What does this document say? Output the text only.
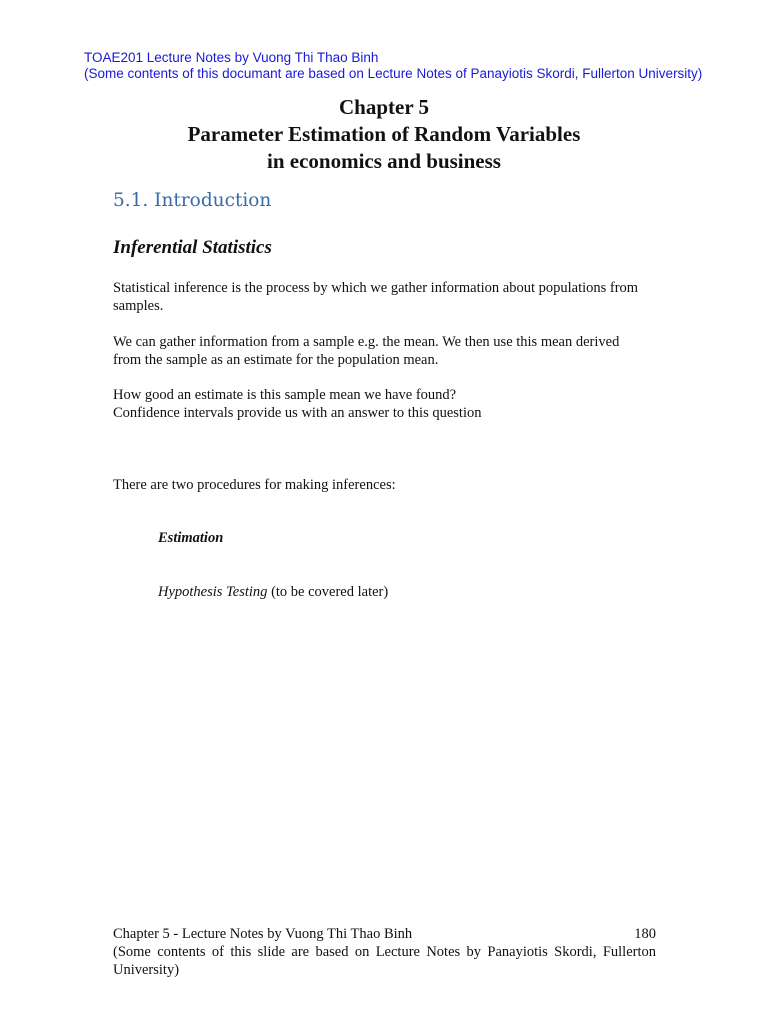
TOAE201 Lecture Notes by Vuong Thi Thao Binh
(Some contents of this documant are based on Lecture Notes of Panayiotis Skordi, Fullerton University)
Chapter 5
Parameter Estimation of Random Variables
in economics and business
5.1. Introduction
Inferential Statistics

Statistical inference is the process by which we gather information about populations from samples.

We can gather information from a sample e.g. the mean. We then use this mean derived from the sample as an estimate for the population mean.

How good an estimate is this sample mean we have found?

Confidence intervals provide us with an answer to this question

There are two procedures for making inferences:

Estimation

Hypothesis Testing (to be covered later)

Chapter 5 - Lecture Notes by Vuong Thi Thao Binh	180
(Some contents of this slide are based on Lecture Notes by Panayiotis Skordi, Fullerton University)
